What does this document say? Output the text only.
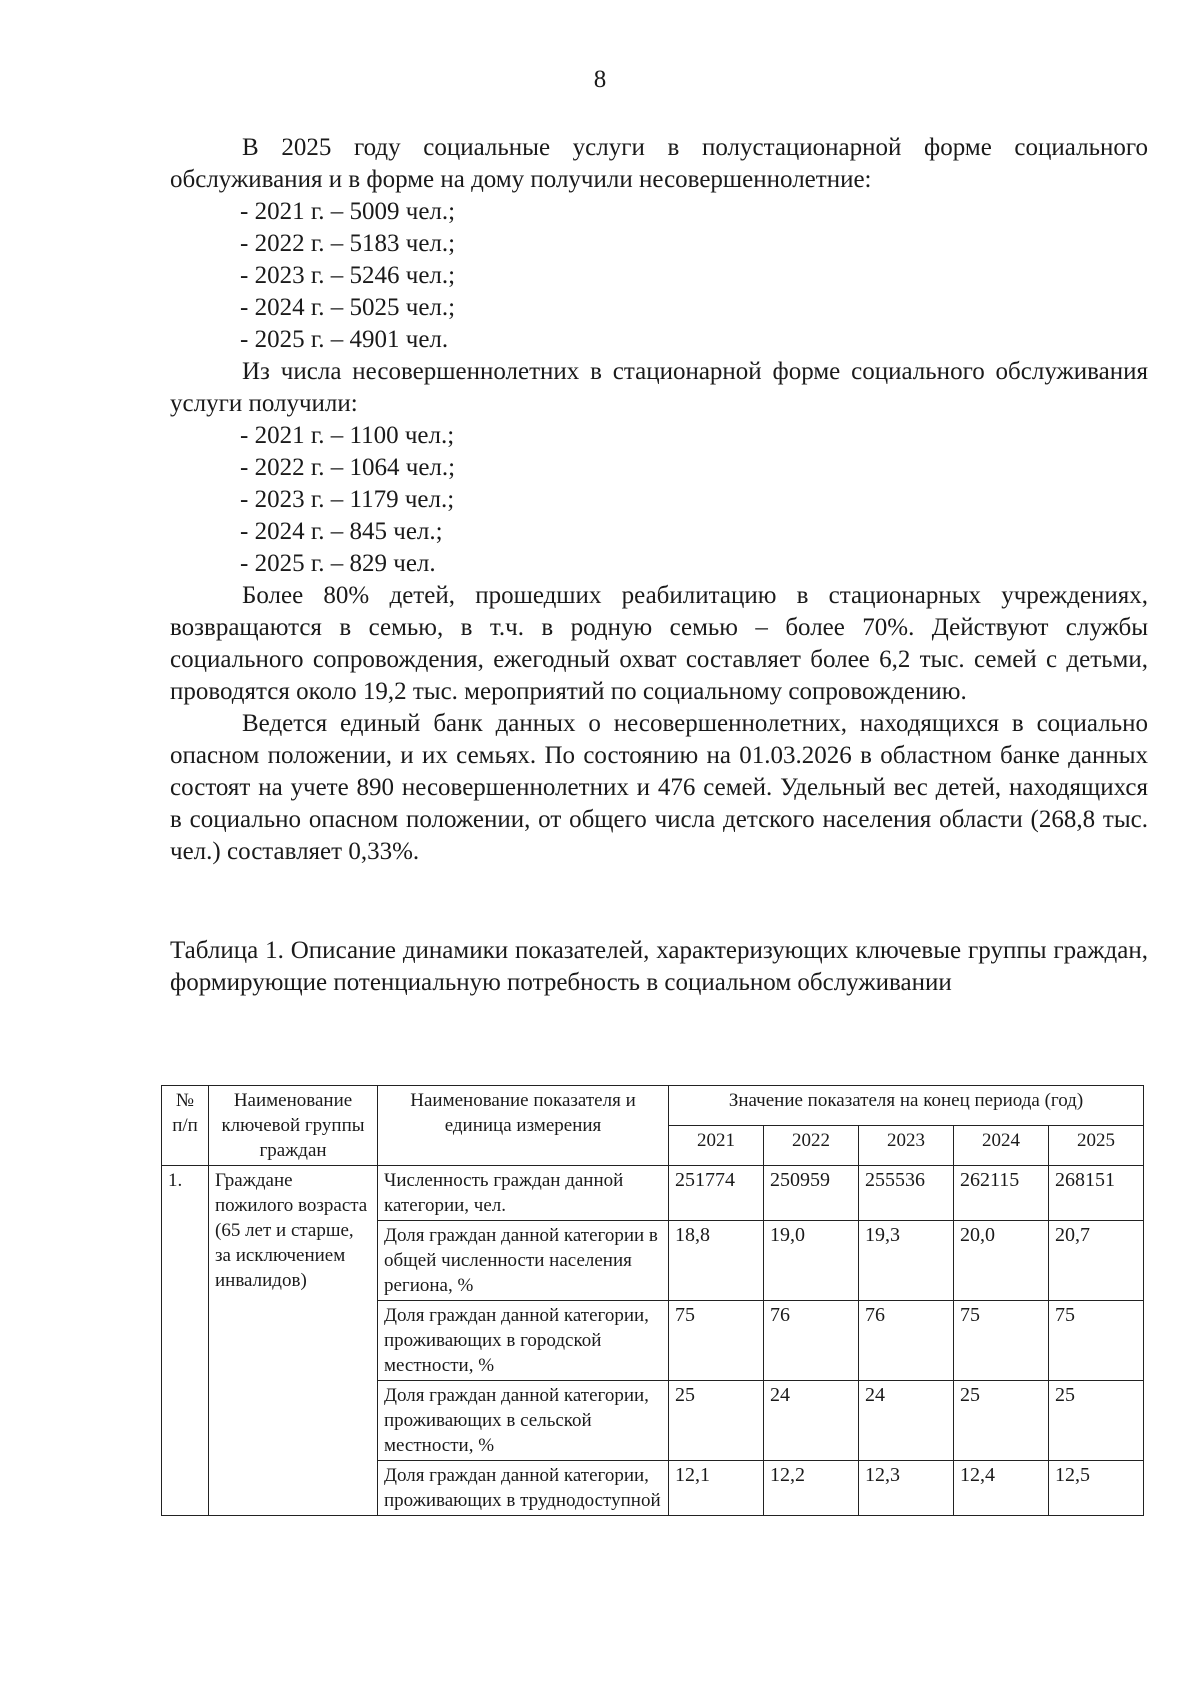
8

В 2025 году социальные услуги в полустационарной форме социального обслуживания и в форме на дому получили несовершеннолетние:

- 2021 г. – 5009 чел.;
- 2022 г. – 5183 чел.;
- 2023 г. – 5246 чел.;
- 2024 г. – 5025 чел.;
- 2025 г. – 4901 чел.

Из числа несовершеннолетних в стационарной форме социального обслуживания услуги получили:

- 2021 г. – 1100 чел.;
- 2022 г. – 1064 чел.;
- 2023 г. – 1179 чел.;
- 2024 г. – 845 чел.;
- 2025 г. – 829 чел.

Более 80% детей, прошедших реабилитацию в стационарных учреждениях, возвращаются в семью, в т.ч. в родную семью – более 70%. Действуют службы социального сопровождения, ежегодный охват составляет более 6,2 тыс. семей с детьми, проводятся около 19,2 тыс. мероприятий по социальному сопровождению.

Ведется единый банк данных о несовершеннолетних, находящихся в социально опасном положении, и их семьях. По состоянию на 01.03.2026 в областном банке данных состоят на учете 890 несовершеннолетних и 476 семей. Удельный вес детей, находящихся в социально опасном положении, от общего числа детского населения области (268,8 тыс. чел.) составляет 0,33%.

Таблица 1. Описание динамики показателей, характеризующих ключевые группы граждан, формирующие потенциальную потребность в социальном обслуживании

№ п/п	Наименование ключевой группы граждан	Наименование показателя и единица измерения	Значение показателя на конец периода (год)				
			2021	2022	2023	2024	2025
1.	Граждане пожилого возраста (65 лет и старше, за исключением инвалидов)	Численность граждан данной категории, чел.	251774	250959	255536	262115	268151
		Доля граждан данной категории в общей численности населения региона, %	18,8	19,0	19,3	20,0	20,7
		Доля граждан данной категории, проживающих в городской местности, %	75	76	76	75	75
		Доля граждан данной категории, проживающих в сельской местности, %	25	24	24	25	25
		Доля граждан данной категории, проживающих в труднодоступной	12,1	12,2	12,3	12,4	12,5
